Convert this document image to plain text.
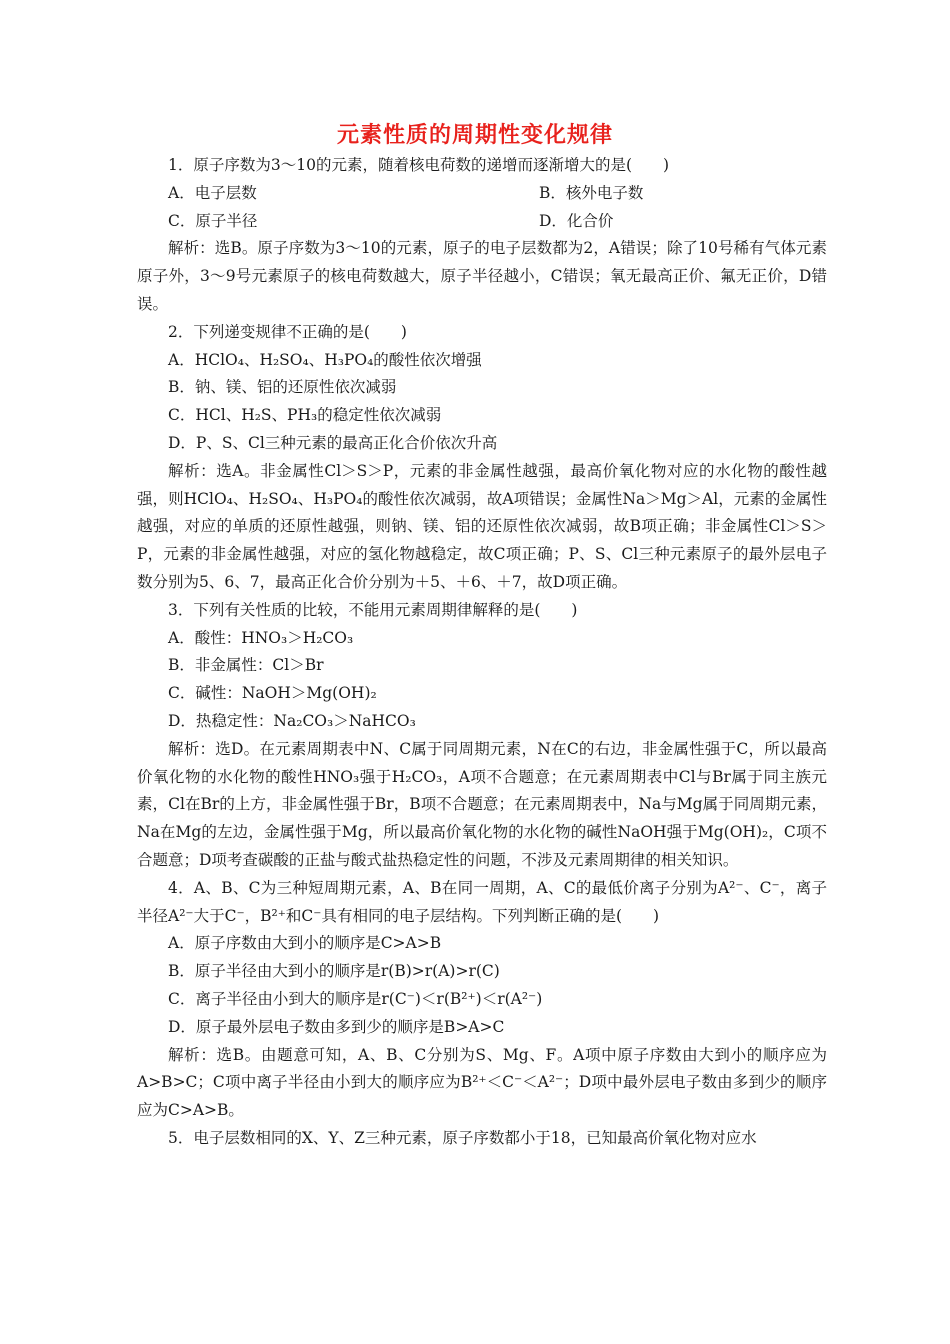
元素性质的周期性变化规律

1．原子序数为3～10的元素，随着核电荷数的递增而逐渐增大的是(　　)

A．电子层数	B．核外电子数
C．原子半径	D．化合价

解析：选B。原子序数为3～10的元素，原子的电子层数都为2，A错误；除了10号稀有气体元素原子外，3～9号元素原子的核电荷数越大，原子半径越小，C错误；氧无最高正价、氟无正价，D错误。

2．下列递变规律不正确的是(　　)

A．HClO₄、H₂SO₄、H₃PO₄的酸性依次增强

B．钠、镁、铝的还原性依次减弱

C．HCl、H₂S、PH₃的稳定性依次减弱

D．P、S、Cl三种元素的最高正化合价依次升高

解析：选A。非金属性Cl＞S＞P，元素的非金属性越强，最高价氧化物对应的水化物的酸性越强，则HClO₄、H₂SO₄、H₃PO₄的酸性依次减弱，故A项错误；金属性Na＞Mg＞Al，元素的金属性越强，对应的单质的还原性越强，则钠、镁、铝的还原性依次减弱，故B项正确；非金属性Cl＞S＞P，元素的非金属性越强，对应的氢化物越稳定，故C项正确；P、S、Cl三种元素原子的最外层电子数分别为5、6、7，最高正化合价分别为＋5、＋6、＋7，故D项正确。

3．下列有关性质的比较，不能用元素周期律解释的是(　　)

A．酸性：HNO₃＞H₂CO₃

B．非金属性：Cl＞Br

C．碱性：NaOH＞Mg(OH)₂

D．热稳定性：Na₂CO₃＞NaHCO₃

解析：选D。在元素周期表中N、C属于同周期元素，N在C的右边，非金属性强于C，所以最高价氧化物的水化物的酸性HNO₃强于H₂CO₃，A项不合题意；在元素周期表中Cl与Br属于同主族元素，Cl在Br的上方，非金属性强于Br，B项不合题意；在元素周期表中，Na与Mg属于同周期元素，Na在Mg的左边，金属性强于Mg，所以最高价氧化物的水化物的碱性NaOH强于Mg(OH)₂，C项不合题意；D项考查碳酸的正盐与酸式盐热稳定性的问题，不涉及元素周期律的相关知识。

4．A、B、C为三种短周期元素，A、B在同一周期，A、C的最低价离子分别为A²⁻、C⁻，离子半径A²⁻大于C⁻，B²⁺和C⁻具有相同的电子层结构。下列判断正确的是(　　)

A．原子序数由大到小的顺序是C>A>B

B．原子半径由大到小的顺序是r(B)>r(A)>r(C)

C．离子半径由小到大的顺序是r(C⁻)＜r(B²⁺)＜r(A²⁻)

D．原子最外层电子数由多到少的顺序是B>A>C

解析：选B。由题意可知，A、B、C分别为S、Mg、F。A项中原子序数由大到小的顺序应为A>B>C；C项中离子半径由小到大的顺序应为B²⁺＜C⁻＜A²⁻；D项中最外层电子数由多到少的顺序应为C>A>B。

5．电子层数相同的X、Y、Z三种元素，原子序数都小于18，已知最高价氧化物对应水
